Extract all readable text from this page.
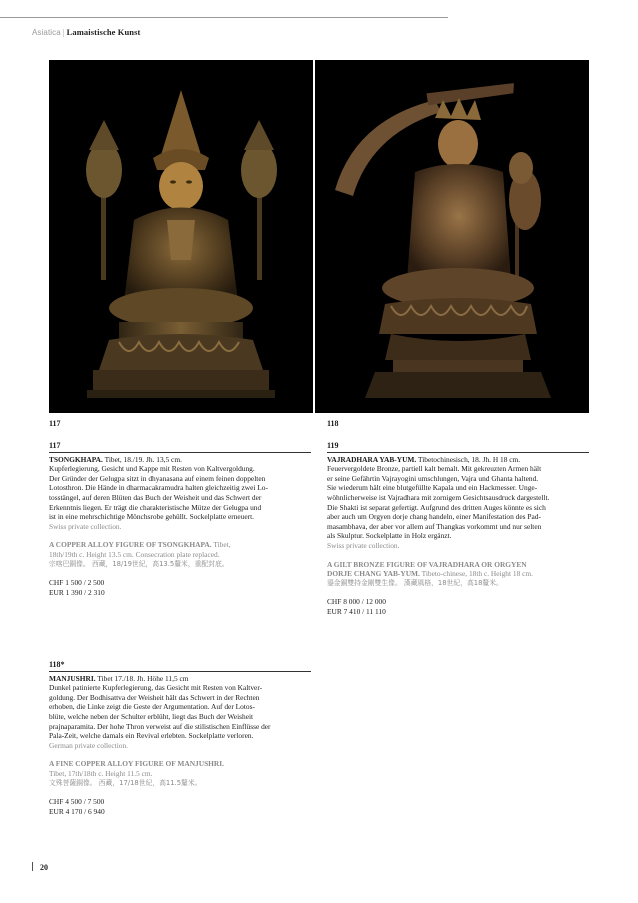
Asiatica | Lamaistische Kunst
117	118
117
TSONGKHAPA. Tibet, 18./19. Jh. 13,5 cm.
Kupferlegierung, Gesicht und Kappe mit Resten von Kaltvergoldung.
Der Gründer der Gelugpa sitzt in dhyanasana auf einem feinen doppelten
Lotosthron. Die Hände in dharmacakramudra halten gleichzeitig zwei Lo-
tosstängel, auf deren Blüten das Buch der Weisheit und das Schwert der
Erkenntnis liegen. Er trägt die charakteristische Mütze der Gelugpa und
ist in eine mehrschichtige Mönchsrobe gehüllt. Sockelplatte erneuert.
Swiss private collection.
A COPPER ALLOY FIGURE OF TSONGKHAPA. Tibet,
18th/19th c. Height 13.5 cm. Consecration plate replaced.
宗喀巴銅像。 西藏，18/19世紀，高13.5釐米，重配封底。
CHF 1 500 / 2 500
EUR 1 390 / 2 310
119
VAJRADHARA YAB-YUM. Tibetochinesisch, 18. Jh. H 18 cm.
Feuervergoldete Bronze, partiell kalt bemalt. Mit gekreuzten Armen hält
er seine Gefährtin Vajrayogini umschlungen, Vajra und Ghanta haltend.
Sie wiederum hält eine blutgefüllte Kapala und ein Hackmesser. Unge-
wöhnlicherweise ist Vajradhara mit zornigem Gesichtsausdruck dargestellt.
Die Shakti ist separat gefertigt. Aufgrund des dritten Auges könnte es sich
aber auch um Orgyen dorje chang handeln, einer Manifestation des Pad-
masambhava, der aber vor allem auf Thangkas vorkommt und nur selten
als Skulptur. Sockelplatte in Holz ergänzt.
Swiss private collection.
A GILT BRONZE FIGURE OF VAJRADHARA OR ORGYEN
DORJE CHANG YAB-YUM. Tibeto-chinese, 18th c. Height 18 cm.
鎏金銅雙持金剛雙生像。 漢藏風格，18世紀，高18釐米。
CHF 8 000 / 12 000
EUR 7 410 / 11 110
118*
MANJUSHRI. Tibet 17./18. Jh. Höhe 11,5 cm
Dunkel patinierte Kupferlegierung, das Gesicht mit Resten von Kaltver-
goldung. Der Bodhisattva der Weisheit hält das Schwert in der Rechten
erhoben, die Linke zeigt die Geste der Argumentation. Auf der Lotos-
blüte, welche neben der Schulter erblüht, liegt das Buch der Weisheit
prajnaparamita. Der hohe Thron verweist auf die stilistischen Einflüsse der
Pala-Zeit, welche damals ein Revival erlebten. Sockelplatte verloren.
German private collection.
A FINE COPPER ALLOY FIGURE OF MANJUSHRI.
Tibet, 17th/18th c. Height 11.5 cm.
文殊菩薩銅像。 西藏，17/18世紀，高11.5釐米。
CHF 4 500 / 7 500
EUR 4 170 / 6 940
20
